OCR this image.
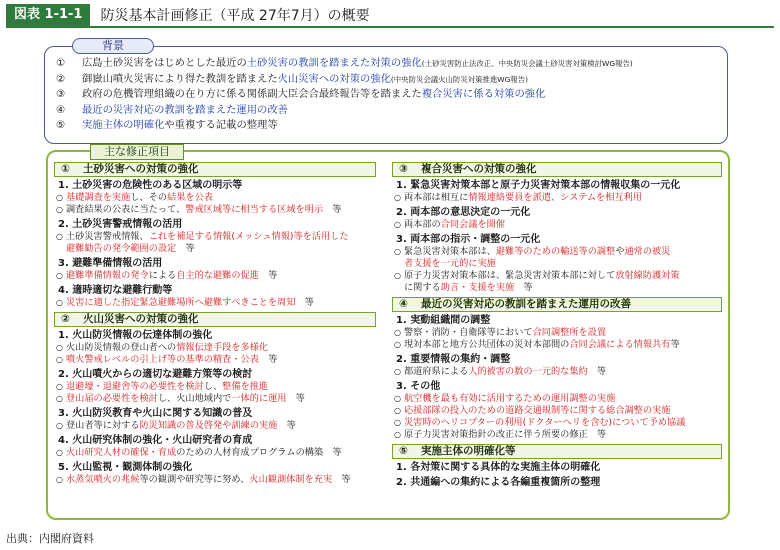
図表 1-1-1	防災基本計画修正（平成 27年7月）の概要
背景
①	広島土砂災害をはじめとした最近の土砂災害の教訓を踏まえた対策の強化(土砂災害防止法改正、中央防災会議土砂災害対策検討WG報告)
②	御嶽山噴火災害により得た教訓を踏まえた火山災害への対策の強化(中央防災会議火山防災対策推進WG報告)
③	政府の危機管理組織の在り方に係る関係副大臣会合最終報告等を踏まえた複合災害に係る対策の強化
④	最近の災害対応の教訓を踏まえた運用の改善
⑤	実施主体の明確化や重複する記載の整理等
主な修正項目
① 土砂災害への対策の強化
1. 土砂災害の危険性のある区域の明示等
○ 基礎調査を実施し、その結果を公表
○ 調査結果の公表に当たって、警戒区域等に相当する区域を明示　等
2. 土砂災害警戒情報の活用
○ 土砂災害警戒情報、これを補足する情報(メッシュ情報)等を活用した
避難勧告の発令範囲の設定　等
3. 避難準備情報の活用
○ 避難準備情報の発令による自主的な避難の促進　等
4. 適時適切な避難行動等
○ 災害に適した指定緊急避難場所へ避難すべきことを周知　等
② 火山災害への対策の強化
1. 火山防災情報の伝達体制の強化
○ 火山防災情報の登山者への情報伝達手段を多様化
○ 噴火警戒レベルの引上げ等の基準の精査・公表　等
2. 火山噴火からの適切な避難方策等の検討
○ 退避壕・退避舎等の必要性を検討し、整備を推進
○ 登山届の必要性を検討し、火山地域内で一体的に運用　等
3. 火山防災教育や火山に関する知識の普及
○ 登山者等に対する防災知識の普及啓発や訓練の実施　等
4. 火山研究体制の強化・火山研究者の育成
○ 火山研究人材の確保・育成のための人材育成プログラムの構築　等
5. 火山監視・観測体制の強化
○ 水蒸気噴火の兆候等の観測や研究等に努め、火山観測体制を充実　等
③ 複合災害への対策の強化
1. 緊急災害対策本部と原子力災害対策本部の情報収集の一元化
○ 両本部は相互に情報連絡要員を派遣、システムを相互利用
2. 両本部の意思決定の一元化
○ 両本部の合同会議を開催
3. 両本部の指示・調整の一元化
○ 緊急災害対策本部は、避難等のための輸送等の調整や通常の被災
者支援を一元的に実施
○ 原子力災害対策本部は、緊急災害対策本部に対して放射線防護対策
に関する助言・支援を実施　等
④ 最近の災害対応の教訓を踏まえた運用の改善
1. 実動組織間の調整
○ 警察・消防・自衛隊等において合同調整所を設置
○ 現対本部と地方公共団体の災対本部間の合同会議による情報共有等
2. 重要情報の集約・調整
○ 都道府県による人的被害の数の一元的な集約　等
3. その他
○ 航空機を最も有効に活用するための運用調整の実施
○ 応援部隊の投入のための道路交通規制等に関する総合調整の実施
○ 災害時のヘリコプターの利用(ドクターヘリを含む)について予め協議
○ 原子力災害対策指針の改正に伴う所要の修正　等
⑤ 実施主体の明確化等
1. 各対策に関する具体的な実施主体の明確化
2. 共通編への集約による各編重複箇所の整理
出典：内閣府資料
